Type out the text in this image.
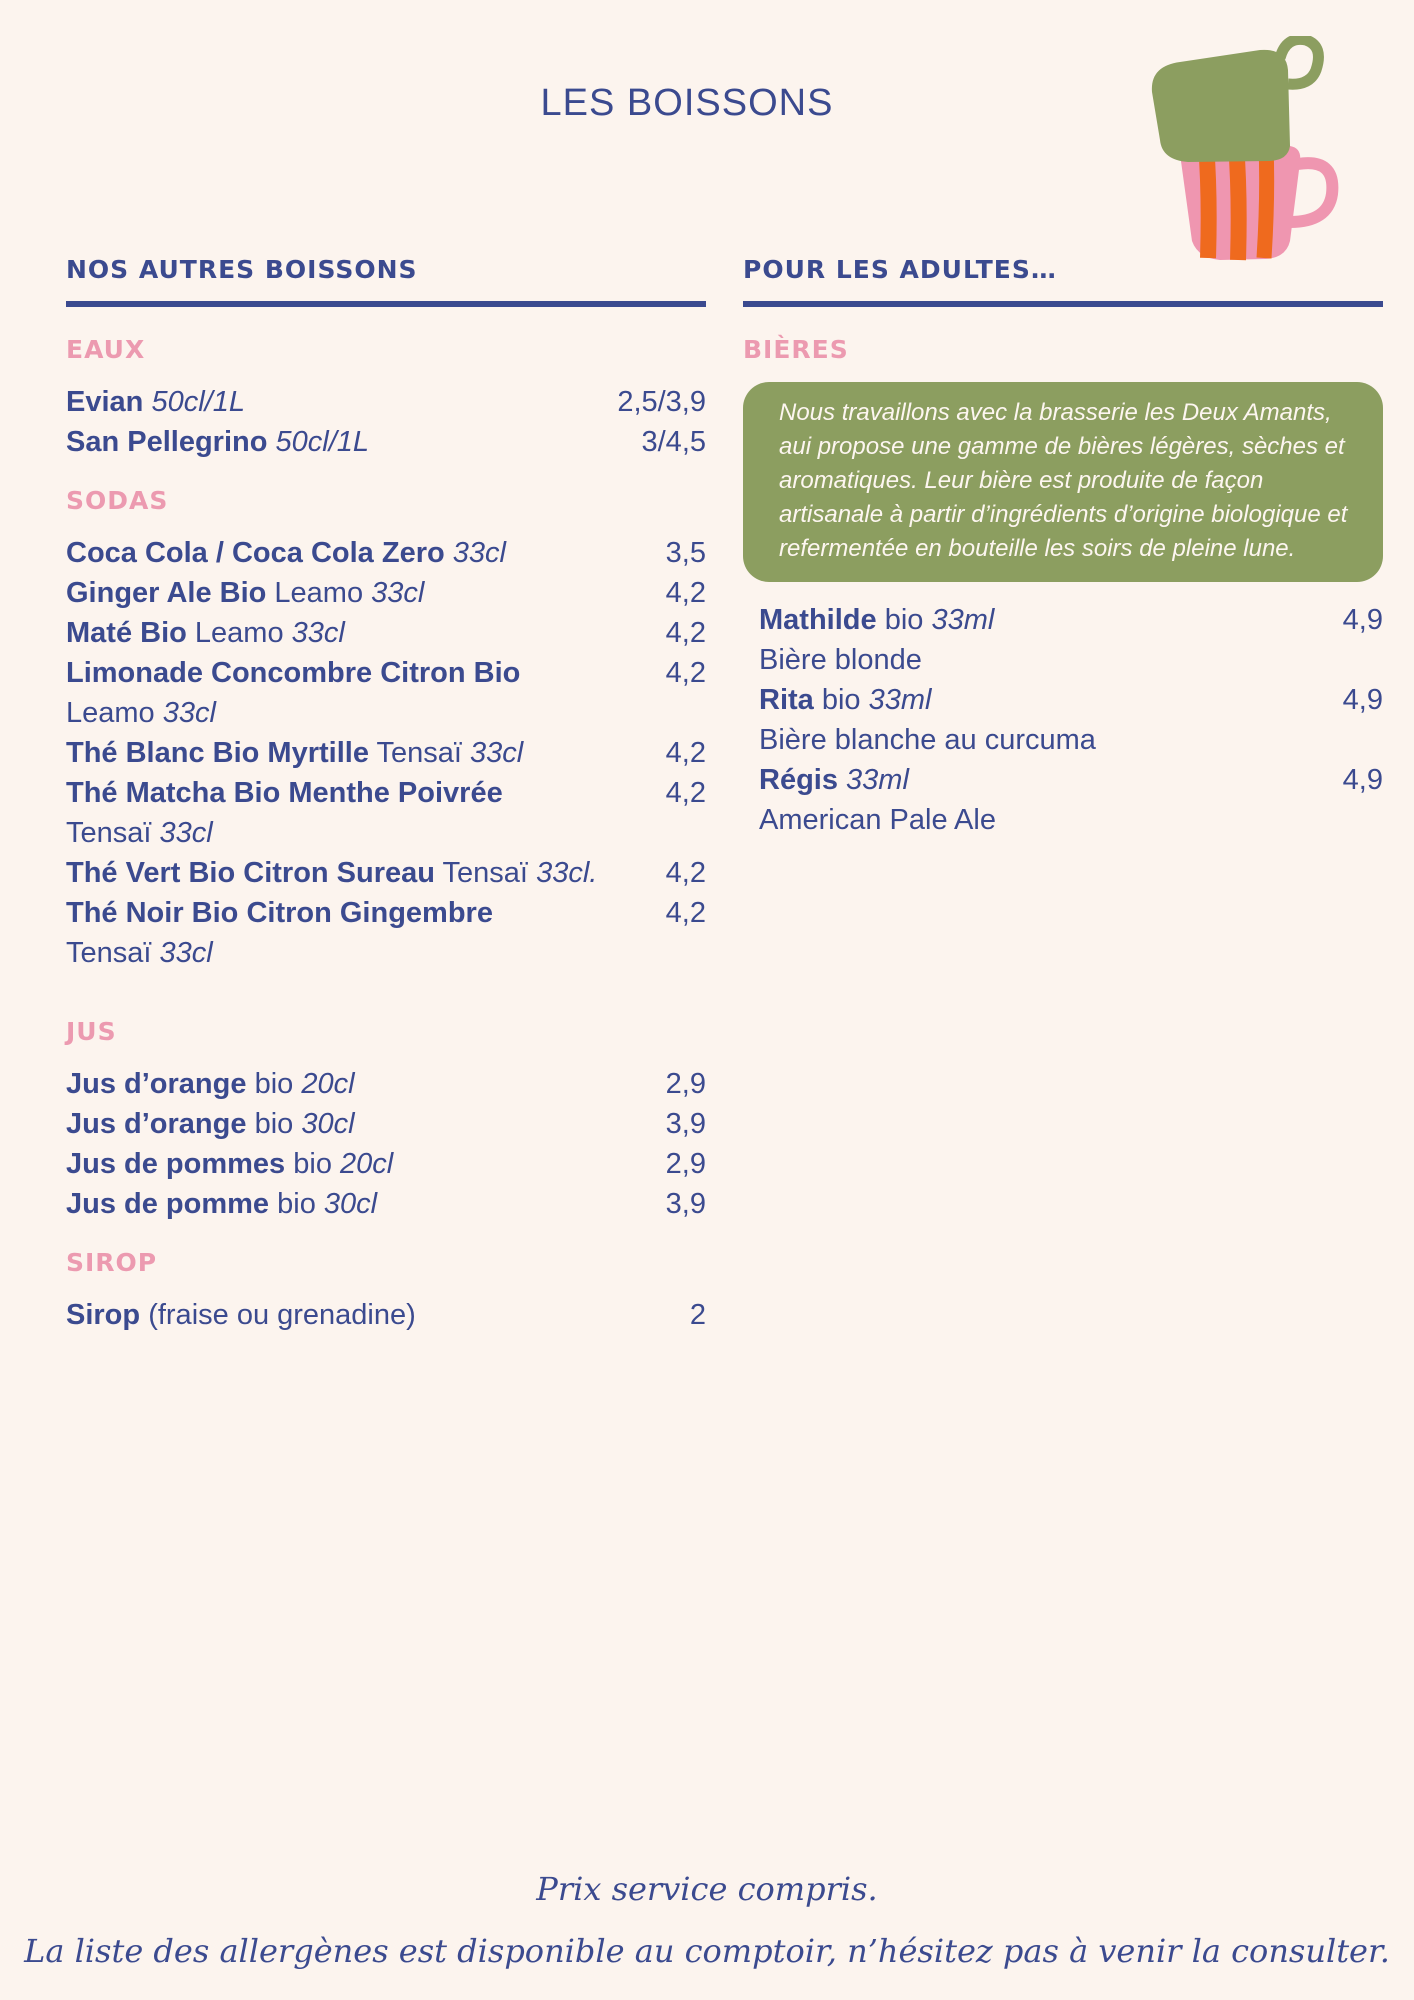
LES BOISSONS
NOS AUTRES BOISSONS
EAUX
Evian 50cl/1L	2,5/3,9
San Pellegrino 50cl/1L	3/4,5
SODAS
Coca Cola / Coca Cola Zero 33cl	3,5
Ginger Ale Bio Leamo 33cl	4,2
Maté Bio Leamo 33cl	4,2
Limonade Concombre Citron Bio	4,2
Leamo 33cl
Thé Blanc Bio Myrtille Tensaï 33cl	4,2
Thé Matcha Bio Menthe Poivrée	4,2
Tensaï 33cl
Thé Vert Bio Citron Sureau Tensaï 33cl.	4,2
Thé Noir Bio Citron Gingembre	4,2
Tensaï 33cl
JUS
Jus d’orange bio 20cl	2,9
Jus d’orange bio 30cl	3,9
Jus de pommes bio 20cl	2,9
Jus de pomme bio 30cl	3,9
SIROP
Sirop (fraise ou grenadine)	2
POUR LES ADULTES…
BIÈRES
Nous travaillons avec la brasserie les Deux Amants, aui propose une gamme de bières légères, sèches et aromatiques. Leur bière est produite de façon artisanale à partir d’ingrédients d’origine biologique et refermentée en bouteille les soirs de pleine lune.
Mathilde bio 33ml	4,9
Bière blonde
Rita bio 33ml	4,9
Bière blanche au curcuma
Régis 33ml	4,9
American Pale Ale
Prix service compris.
La liste des allergènes est disponible au comptoir, n’hésitez pas à venir la consulter.
